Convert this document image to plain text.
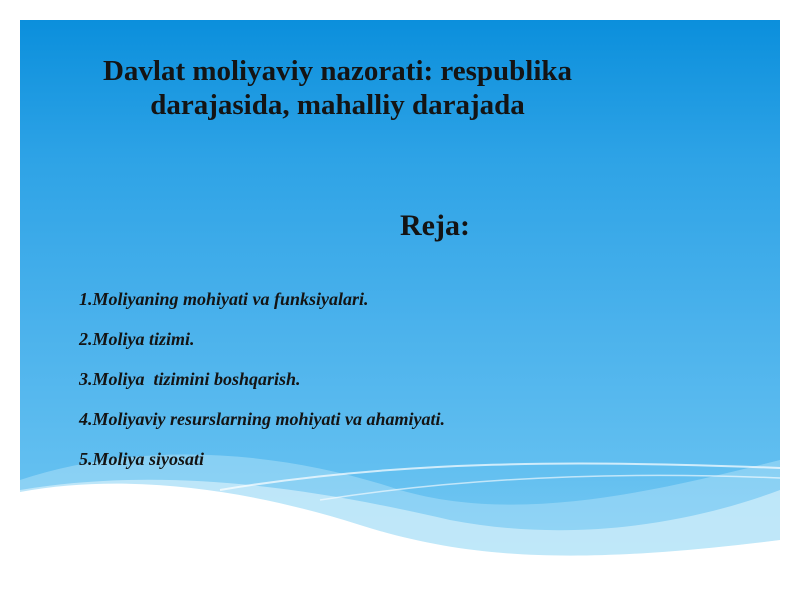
Davlat moliyaviy nazorati: respublika darajasida, mahalliy darajada
Reja:
1.Moliyaning mohiyati va funksiyalari.
2.Moliya tizimi.
3.Moliya  tizimini boshqarish.
4.Moliyaviy resurslarning mohiyati va ahamiyati.
5.Moliya siyosati
